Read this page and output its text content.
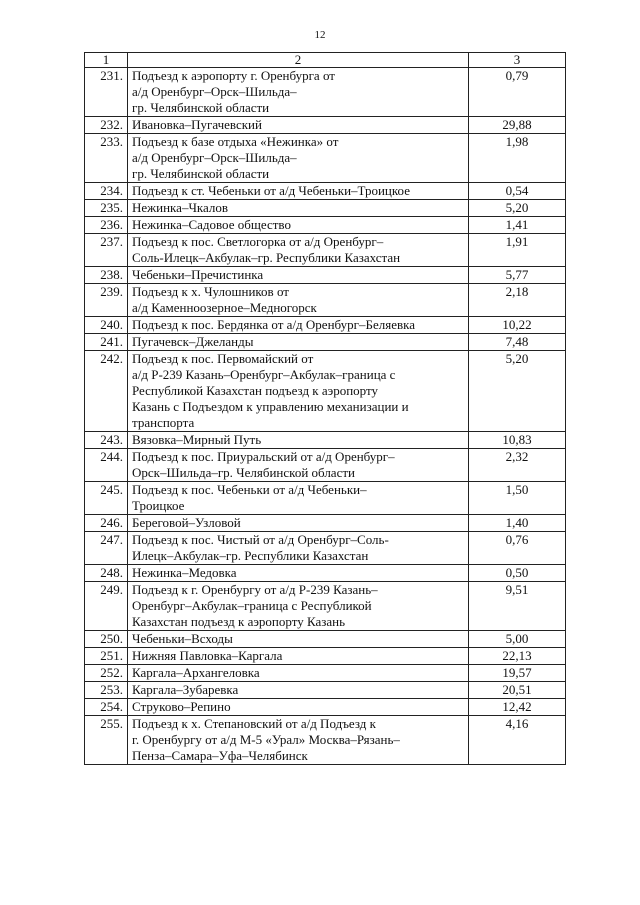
12
1	2	3
231.	Подъезд к аэропорту г. Оренбурга от
а/д Оренбург–Орск–Шильда–
гр. Челябинской области	0,79
232.	Ивановка–Пугачевский	29,88
233.	Подъезд к базе отдыха «Нежинка» от
а/д Оренбург–Орск–Шильда–
гр. Челябинской области	1,98
234.	Подъезд к ст. Чебеньки от а/д Чебеньки–Троицкое	0,54
235.	Нежинка–Чкалов	5,20
236.	Нежинка–Садовое общество	1,41
237.	Подъезд к пос. Светлогорка от а/д Оренбург–
Соль-Илецк–Акбулак–гр. Республики Казахстан	1,91
238.	Чебеньки–Пречистинка	5,77
239.	Подъезд к х. Чулошников от
а/д Каменноозерное–Медногорск	2,18
240.	Подъезд к пос. Бердянка от а/д Оренбург–Беляевка	10,22
241.	Пугачевск–Джеланды	7,48
242.	Подъезд к пос. Первомайский от
а/д Р-239 Казань–Оренбург–Акбулак–граница с
Республикой Казахстан подъезд к аэропорту
Казань с Подъездом к управлению механизации и
транспорта	5,20
243.	Вязовка–Мирный Путь	10,83
244.	Подъезд к пос. Приуральский от а/д Оренбург–
Орск–Шильда–гр. Челябинской области	2,32
245.	Подъезд к пос. Чебеньки от а/д Чебеньки–
Троицкое	1,50
246.	Береговой–Узловой	1,40
247.	Подъезд к пос. Чистый от а/д Оренбург–Соль-
Илецк–Акбулак–гр. Республики Казахстан	0,76
248.	Нежинка–Медовка	0,50
249.	Подъезд к г. Оренбургу от а/д Р-239 Казань–
Оренбург–Акбулак–граница с Республикой
Казахстан подъезд к аэропорту Казань	9,51
250.	Чебеньки–Всходы	5,00
251.	Нижняя Павловка–Каргала	22,13
252.	Каргала–Архангеловка	19,57
253.	Каргала–Зубаревка	20,51
254.	Струково–Репино	12,42
255.	Подъезд к х. Степановский от а/д Подъезд к
г. Оренбургу от а/д М-5 «Урал» Москва–Рязань–
Пенза–Самара–Уфа–Челябинск	4,16
